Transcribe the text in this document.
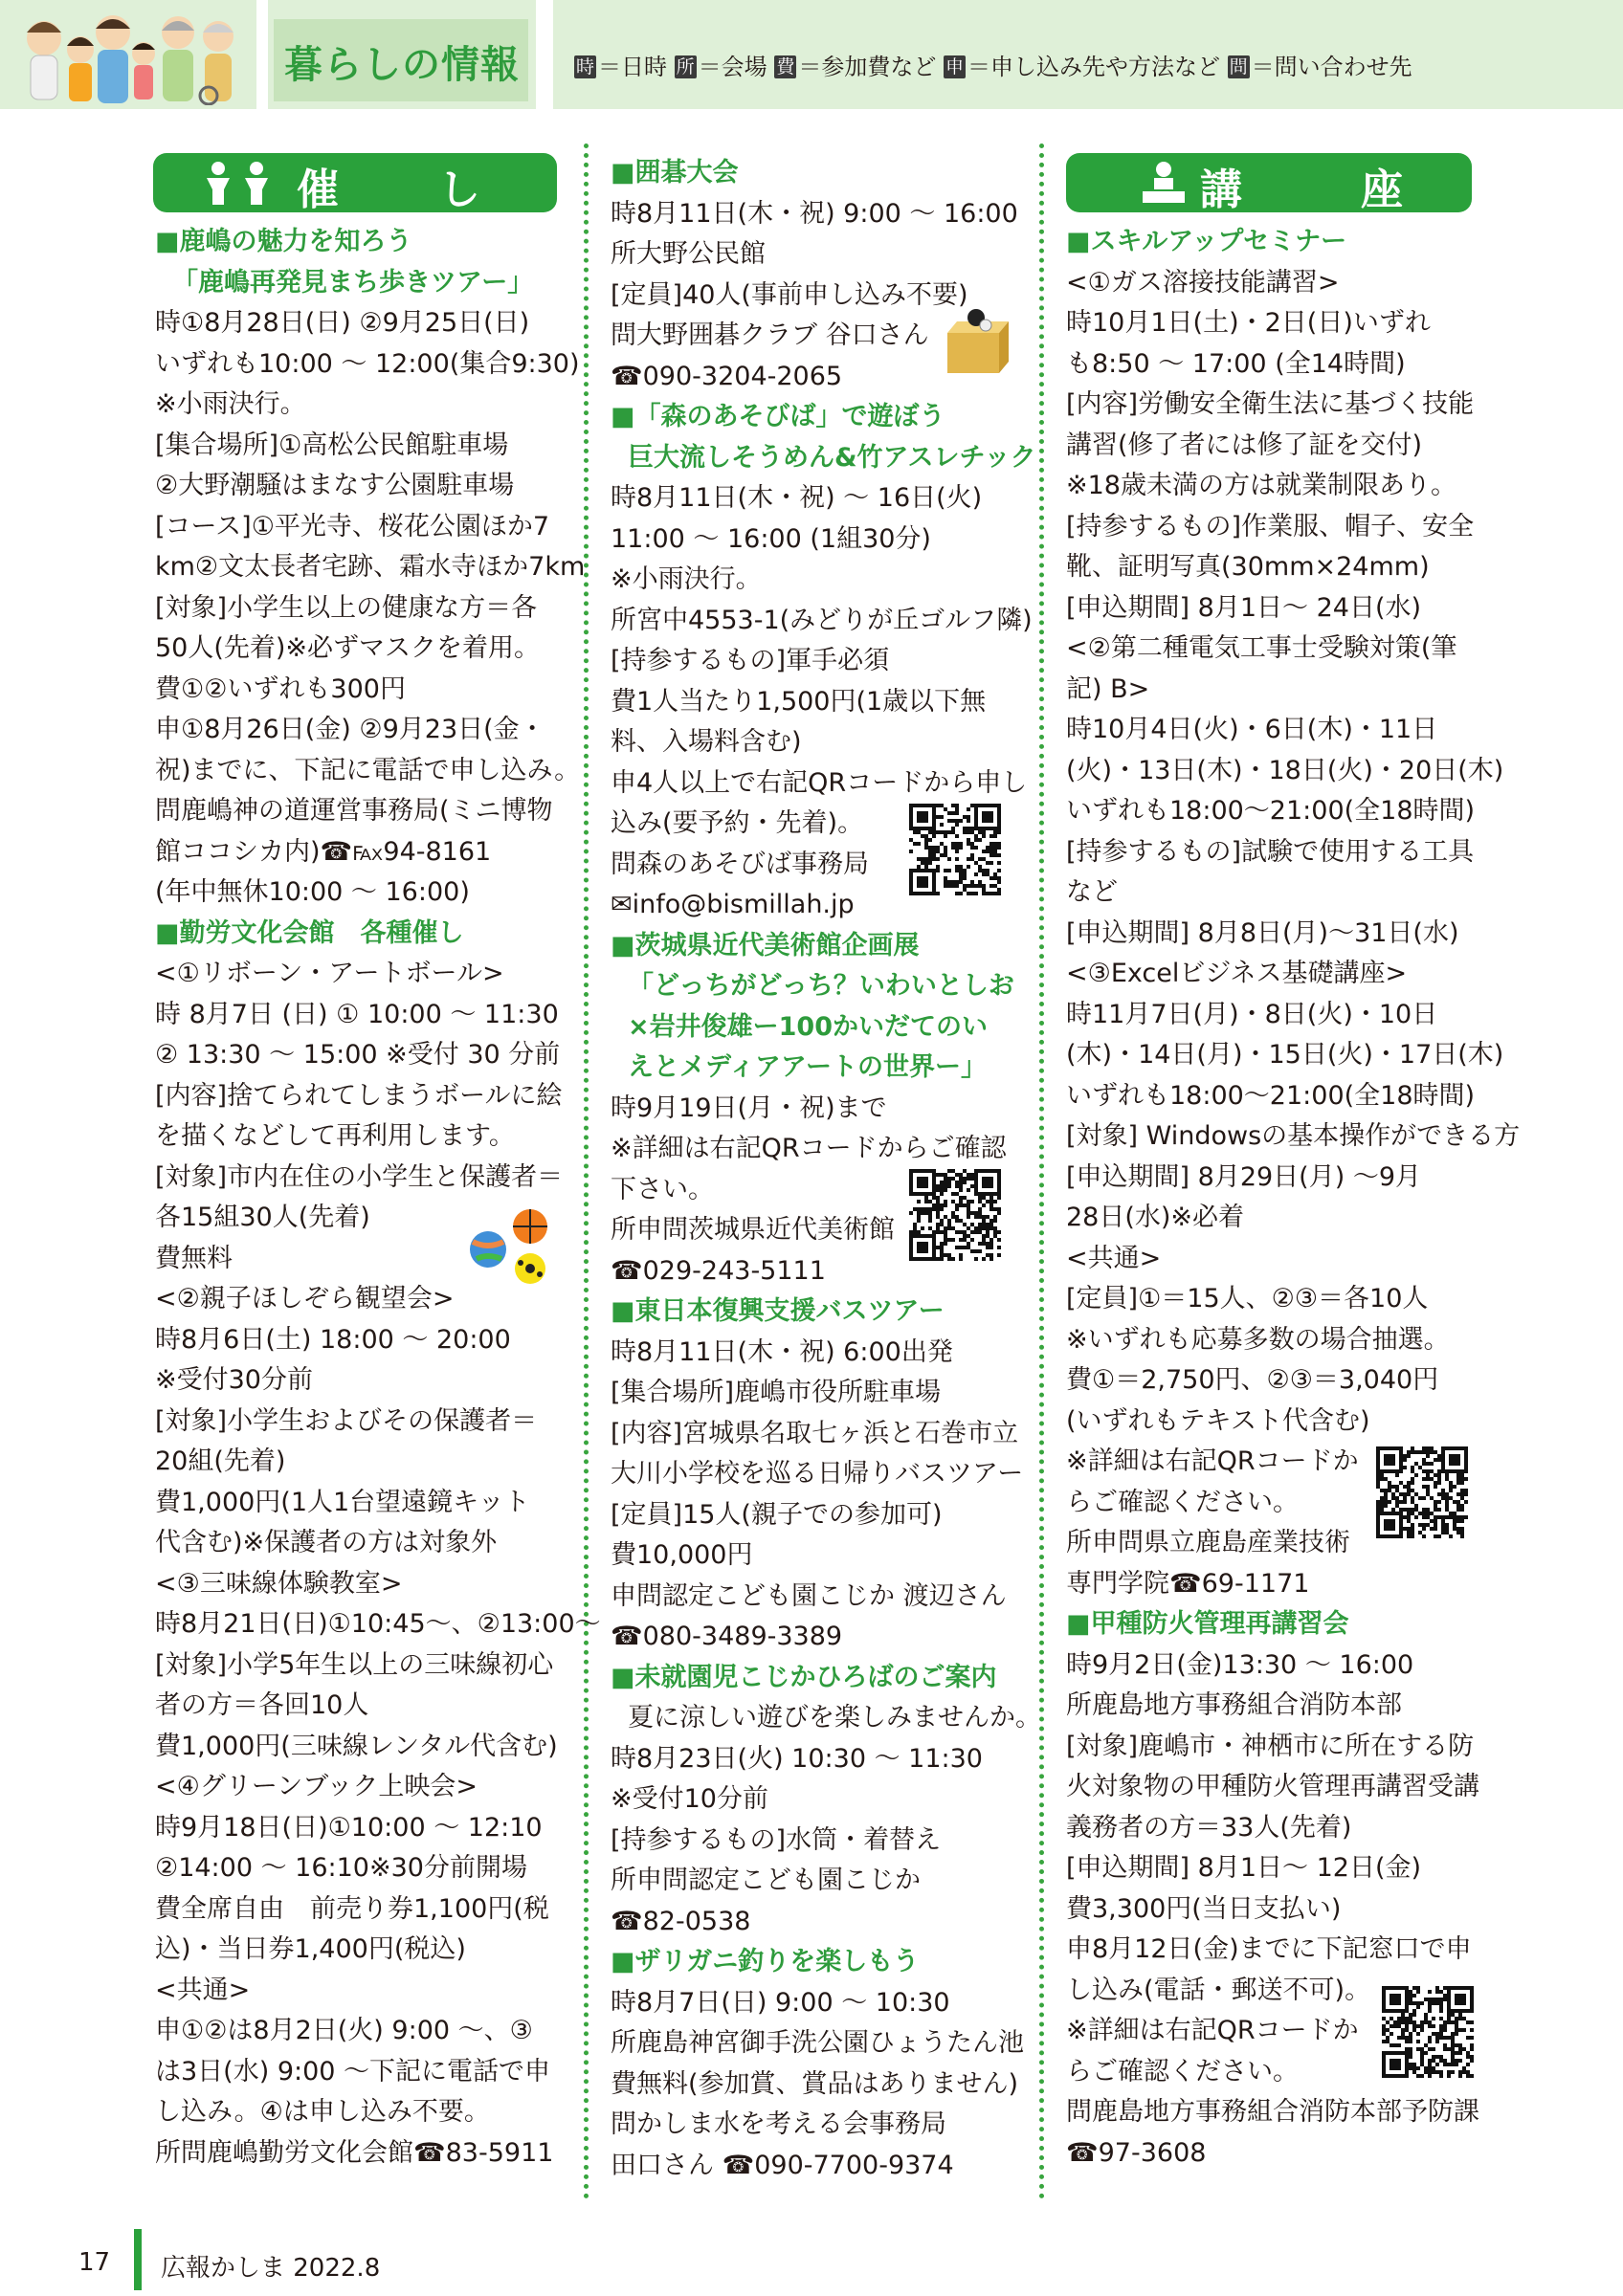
暮らしの情報	時 ＝日時 所 ＝会場 費 ＝参加費など 申 ＝申し込み先や方法など 問 ＝問い合わせ先
催　し	講　座
■鹿嶋の魅力を知ろう
「鹿嶋再発見まち歩きツアー」
時①8月28日(日) ②9月25日(日)
いずれも10:00 ～ 12:00(集合9:30)
※小雨決行。
[集合場所]①高松公民館駐車場
②大野潮騒はまなす公園駐車場
[コース]①平光寺、桜花公園ほか7
km②文太長者宅跡、霜水寺ほか7km
[対象]小学生以上の健康な方＝各
50人(先着)※必ずマスクを着用。
費①②いずれも300円
申①8月26日(金) ②9月23日(金・
祝)までに、下記に電話で申し込み。
問鹿嶋神の道運営事務局(ミニ博物
館ココシカ内)☎℻94-8161
(年中無休10:00 ～ 16:00)
■勤労文化会館　各種催し
<①リボーン・アートボール>
時 8月7日 (日) ① 10:00 ～ 11:30
② 13:30 ～ 15:00 ※受付 30 分前
[内容]捨てられてしまうボールに絵
を描くなどして再利用します。
[対象]市内在住の小学生と保護者＝
各15組30人(先着)
費無料
<②親子ほしぞら観望会>
時8月6日(土) 18:00 ～ 20:00
※受付30分前
[対象]小学生およびその保護者＝
20組(先着)
費1,000円(1人1台望遠鏡キット
代含む)※保護者の方は対象外
<③三味線体験教室>
時8月21日(日)①10:45～、②13:00～
[対象]小学5年生以上の三味線初心
者の方＝各回10人
費1,000円(三味線レンタル代含む)
<④グリーンブック上映会>
時9月18日(日)①10:00 ～ 12:10
②14:00 ～ 16:10※30分前開場
費全席自由　前売り券1,100円(税
込)・当日券1,400円(税込)
<共通>
申①②は8月2日(火) 9:00 ～、③
は3日(水) 9:00 ～下記に電話で申
し込み。④は申し込み不要。
所問鹿嶋勤労文化会館☎83-5911
■囲碁大会
時8月11日(木・祝) 9:00 ～ 16:00
所大野公民館
[定員]40人(事前申し込み不要)
問大野囲碁クラブ 谷口さん
☎090-3204-2065
■「森のあそびば」で遊ぼう
巨大流しそうめん&竹アスレチック
時8月11日(木・祝) ～ 16日(火)
11:00 ～ 16:00 (1組30分)
※小雨決行。
所宮中4553-1(みどりが丘ゴルフ隣)
[持参するもの]軍手必須
費1人当たり1,500円(1歳以下無
料、入場料含む)
申4人以上で右記QRコードから申し
込み(要予約・先着)。
問森のあそびば事務局
✉info@bismillah.jp
■茨城県近代美術館企画展
「どっちがどっち？いわいとしお
×岩井俊雄ー100かいだてのい
えとメディアアートの世界ー」
時9月19日(月・祝)まで
※詳細は右記QRコードからご確認
下さい。
所申問茨城県近代美術館
☎029-243-5111
■東日本復興支援バスツアー
時8月11日(木・祝) 6:00出発
[集合場所]鹿嶋市役所駐車場
[内容]宮城県名取七ヶ浜と石巻市立
大川小学校を巡る日帰りバスツアー
[定員]15人(親子での参加可)
費10,000円
申問認定こども園こじか 渡辺さん
☎080-3489-3389
■未就園児こじかひろばのご案内
夏に涼しい遊びを楽しみませんか。
時8月23日(火) 10:30 ～ 11:30
※受付10分前
[持参するもの]水筒・着替え
所申問認定こども園こじか
☎82-0538
■ザリガニ釣りを楽しもう
時8月7日(日) 9:00 ～ 10:30
所鹿島神宮御手洗公園ひょうたん池
費無料(参加賞、賞品はありません)
問かしま水を考える会事務局
田口さん ☎090-7700-9374
■スキルアップセミナー
<①ガス溶接技能講習>
時10月1日(土)・2日(日)いずれ
も8:50 ～ 17:00 (全14時間)
[内容]労働安全衛生法に基づく技能
講習(修了者には修了証を交付)
※18歳未満の方は就業制限あり。
[持参するもの]作業服、帽子、安全
靴、証明写真(30mm×24mm)
[申込期間] 8月1日～ 24日(水)
<②第二種電気工事士受験対策(筆
記) B>
時10月4日(火)・6日(木)・11日
(火)・13日(木)・18日(火)・20日(木)
いずれも18:00～21:00(全18時間)
[持参するもの]試験で使用する工具
など
[申込期間] 8月8日(月)～31日(水)
<③Excelビジネス基礎講座>
時11月7日(月)・8日(火)・10日
(木)・14日(月)・15日(火)・17日(木)
いずれも18:00～21:00(全18時間)
[対象] Windowsの基本操作ができる方
[申込期間] 8月29日(月) ～9月
28日(水)※必着
<共通>
[定員]①＝15人、②③＝各10人
※いずれも応募多数の場合抽選。
費①＝2,750円、②③＝3,040円
(いずれもテキスト代含む)
※詳細は右記QRコードか
らご確認ください。
所申問県立鹿島産業技術
専門学院☎69-1171
■甲種防火管理再講習会
時9月2日(金)13:30 ～ 16:00
所鹿島地方事務組合消防本部
[対象]鹿嶋市・神栖市に所在する防
火対象物の甲種防火管理再講習受講
義務者の方＝33人(先着)
[申込期間] 8月1日～ 12日(金)
費3,300円(当日支払い)
申8月12日(金)までに下記窓口で申
し込み(電話・郵送不可)。
※詳細は右記QRコードか
らご確認ください。
問鹿島地方事務組合消防本部予防課
☎97-3608
17 広報かしま 2022.8
